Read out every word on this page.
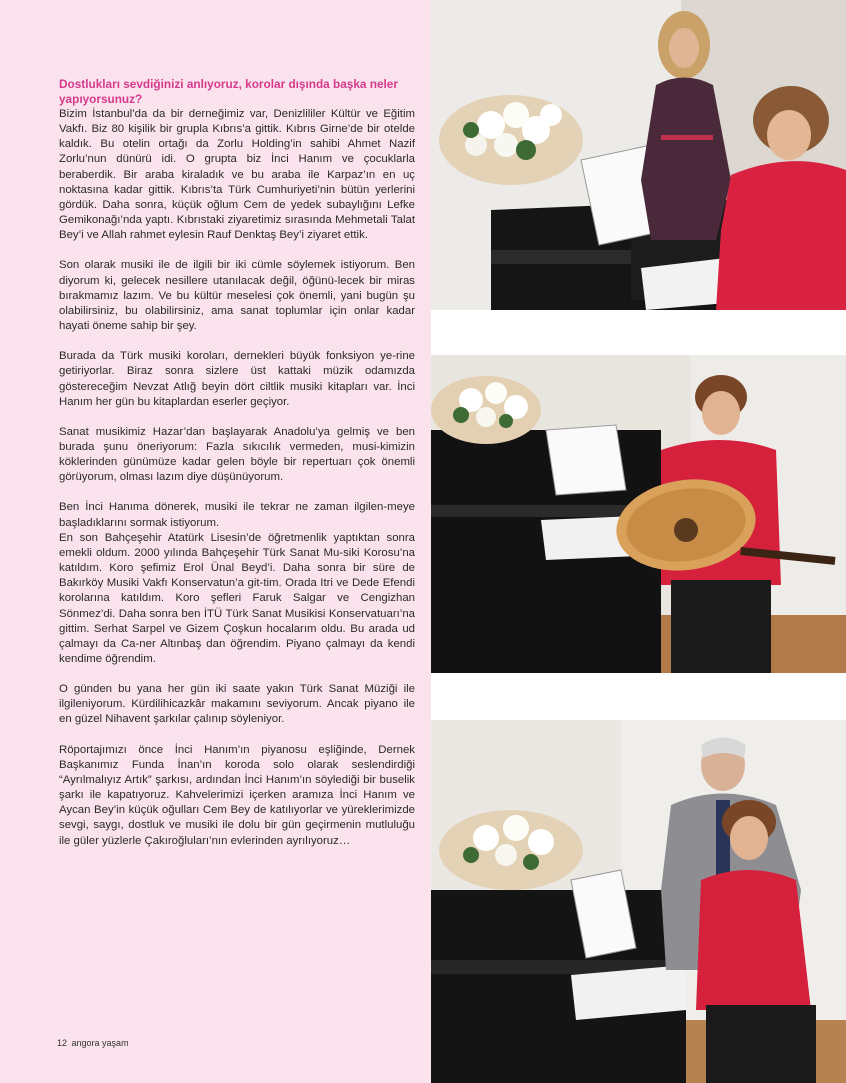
Dostlukları sevdiğinizi anlıyoruz, korolar dışında başka neler yapıyorsunuz?

Bizim İstanbul’da da bir derneğimiz var, Denizlililer Kültür ve Eğitim Vakfı. Biz 80 kişilik bir grupla Kıbrıs’a gittik. Kıbrıs Girne’de bir otelde kaldık. Bu otelin ortağı da Zorlu Holding’in sahibi Ahmet Nazif Zorlu’nun dünürü idi. O grupta biz İnci Hanım ve çocuklarla beraberdik. Bir araba kiraladık ve bu araba ile Karpaz’ın en uç noktasına kadar gittik. Kıbrıs’ta Türk Cumhuriyeti’nin bütün yerlerini gördük. Daha sonra, küçük oğlum Cem de yedek subaylığını Lefke Gemikonağı’nda yaptı. Kıbrıstaki ziyaretimiz sırasında Mehmetali Talat Bey’i ve Allah rahmet eylesin Rauf Denktaş Bey’i ziyaret ettik.

Son olarak musiki ile de ilgili bir iki cümle söylemek istiyorum. Ben diyorum ki, gelecek nesillere utanılacak değil, öğünü-lecek bir miras bırakmamız lazım. Ve bu kültür meselesi çok önemli, yani bugün şu olabilirsiniz, bu olabilirsiniz, ama sanat toplumlar için onlar kadar hayati öneme sahip bir şey.

Burada da Türk musiki koroları, dernekleri büyük fonksiyon ye-rine getiriyorlar. Biraz sonra sizlere üst kattaki müzik odamızda göstereceğim Nevzat Atlığ beyin dört ciltlik musiki kitapları var. İnci Hanım her gün bu kitaplardan eserler geçiyor.

Sanat musikimiz Hazar’dan başlayarak Anadolu’ya gelmiş ve ben burada şunu öneriyorum: Fazla sıkıcılık vermeden, musi-kimizin köklerinden günümüze kadar gelen böyle bir repertuarı çok önemli görüyorum, olması lazım diye düşünüyorum.

Ben İnci Hanıma dönerek, musiki ile tekrar ne zaman ilgilen-meye başladıklarını sormak istiyorum.

En son Bahçeşehir Atatürk Lisesin’de öğretmenlik yaptıktan sonra emekli oldum. 2000 yılında Bahçeşehir Türk Sanat Mu-siki Korosu’na katıldım. Koro şefimiz Erol Ünal Beyd’i. Daha sonra bir süre de Bakırköy Musiki Vakfı Konservatun’a git-tim. Orada Itri ve Dede Efendi korolarına katıldım. Koro şefleri Faruk Salgar ve Cengizhan Sönmez’di. Daha sonra ben İTÜ Türk Sanat Musikisi Konservatuarı’na gittim. Serhat Sarpel ve Gizem Çoşkun hocalarım oldu. Bu arada ud çalmayı da Ca-ner Altınbaş dan öğrendim. Piyano çalmayı da kendi kendime öğrendim.

O günden bu yana her gün iki saate yakın Türk Sanat Müziği ile ilgileniyorum. Kürdilihicazkâr makamını seviyorum. Ancak piyano ile en güzel Nihavent şarkılar çalınıp söyleniyor.

Röportajımızı önce İnci Hanım’ın piyanosu eşliğinde, Dernek Başkanımız Funda İnan’ın koroda solo olarak seslendirdiği “Ayrılmalıyız Artık” şarkısı, ardından İnci Hanım’ın söylediği bir buselik şarkı ile kapatıyoruz. Kahvelerimizi içerken aramıza İnci Hanım ve Aycan Bey’in küçük oğulları Cem Bey de katılıyorlar ve yüreklerimizde sevgi, saygı, dostluk ve musiki ile dolu bir gün geçirmenin mutluluğu ile güler yüzlerle Çakıroğluları’nın evlerinden ayrılıyoruz…

12 angora yaşam
